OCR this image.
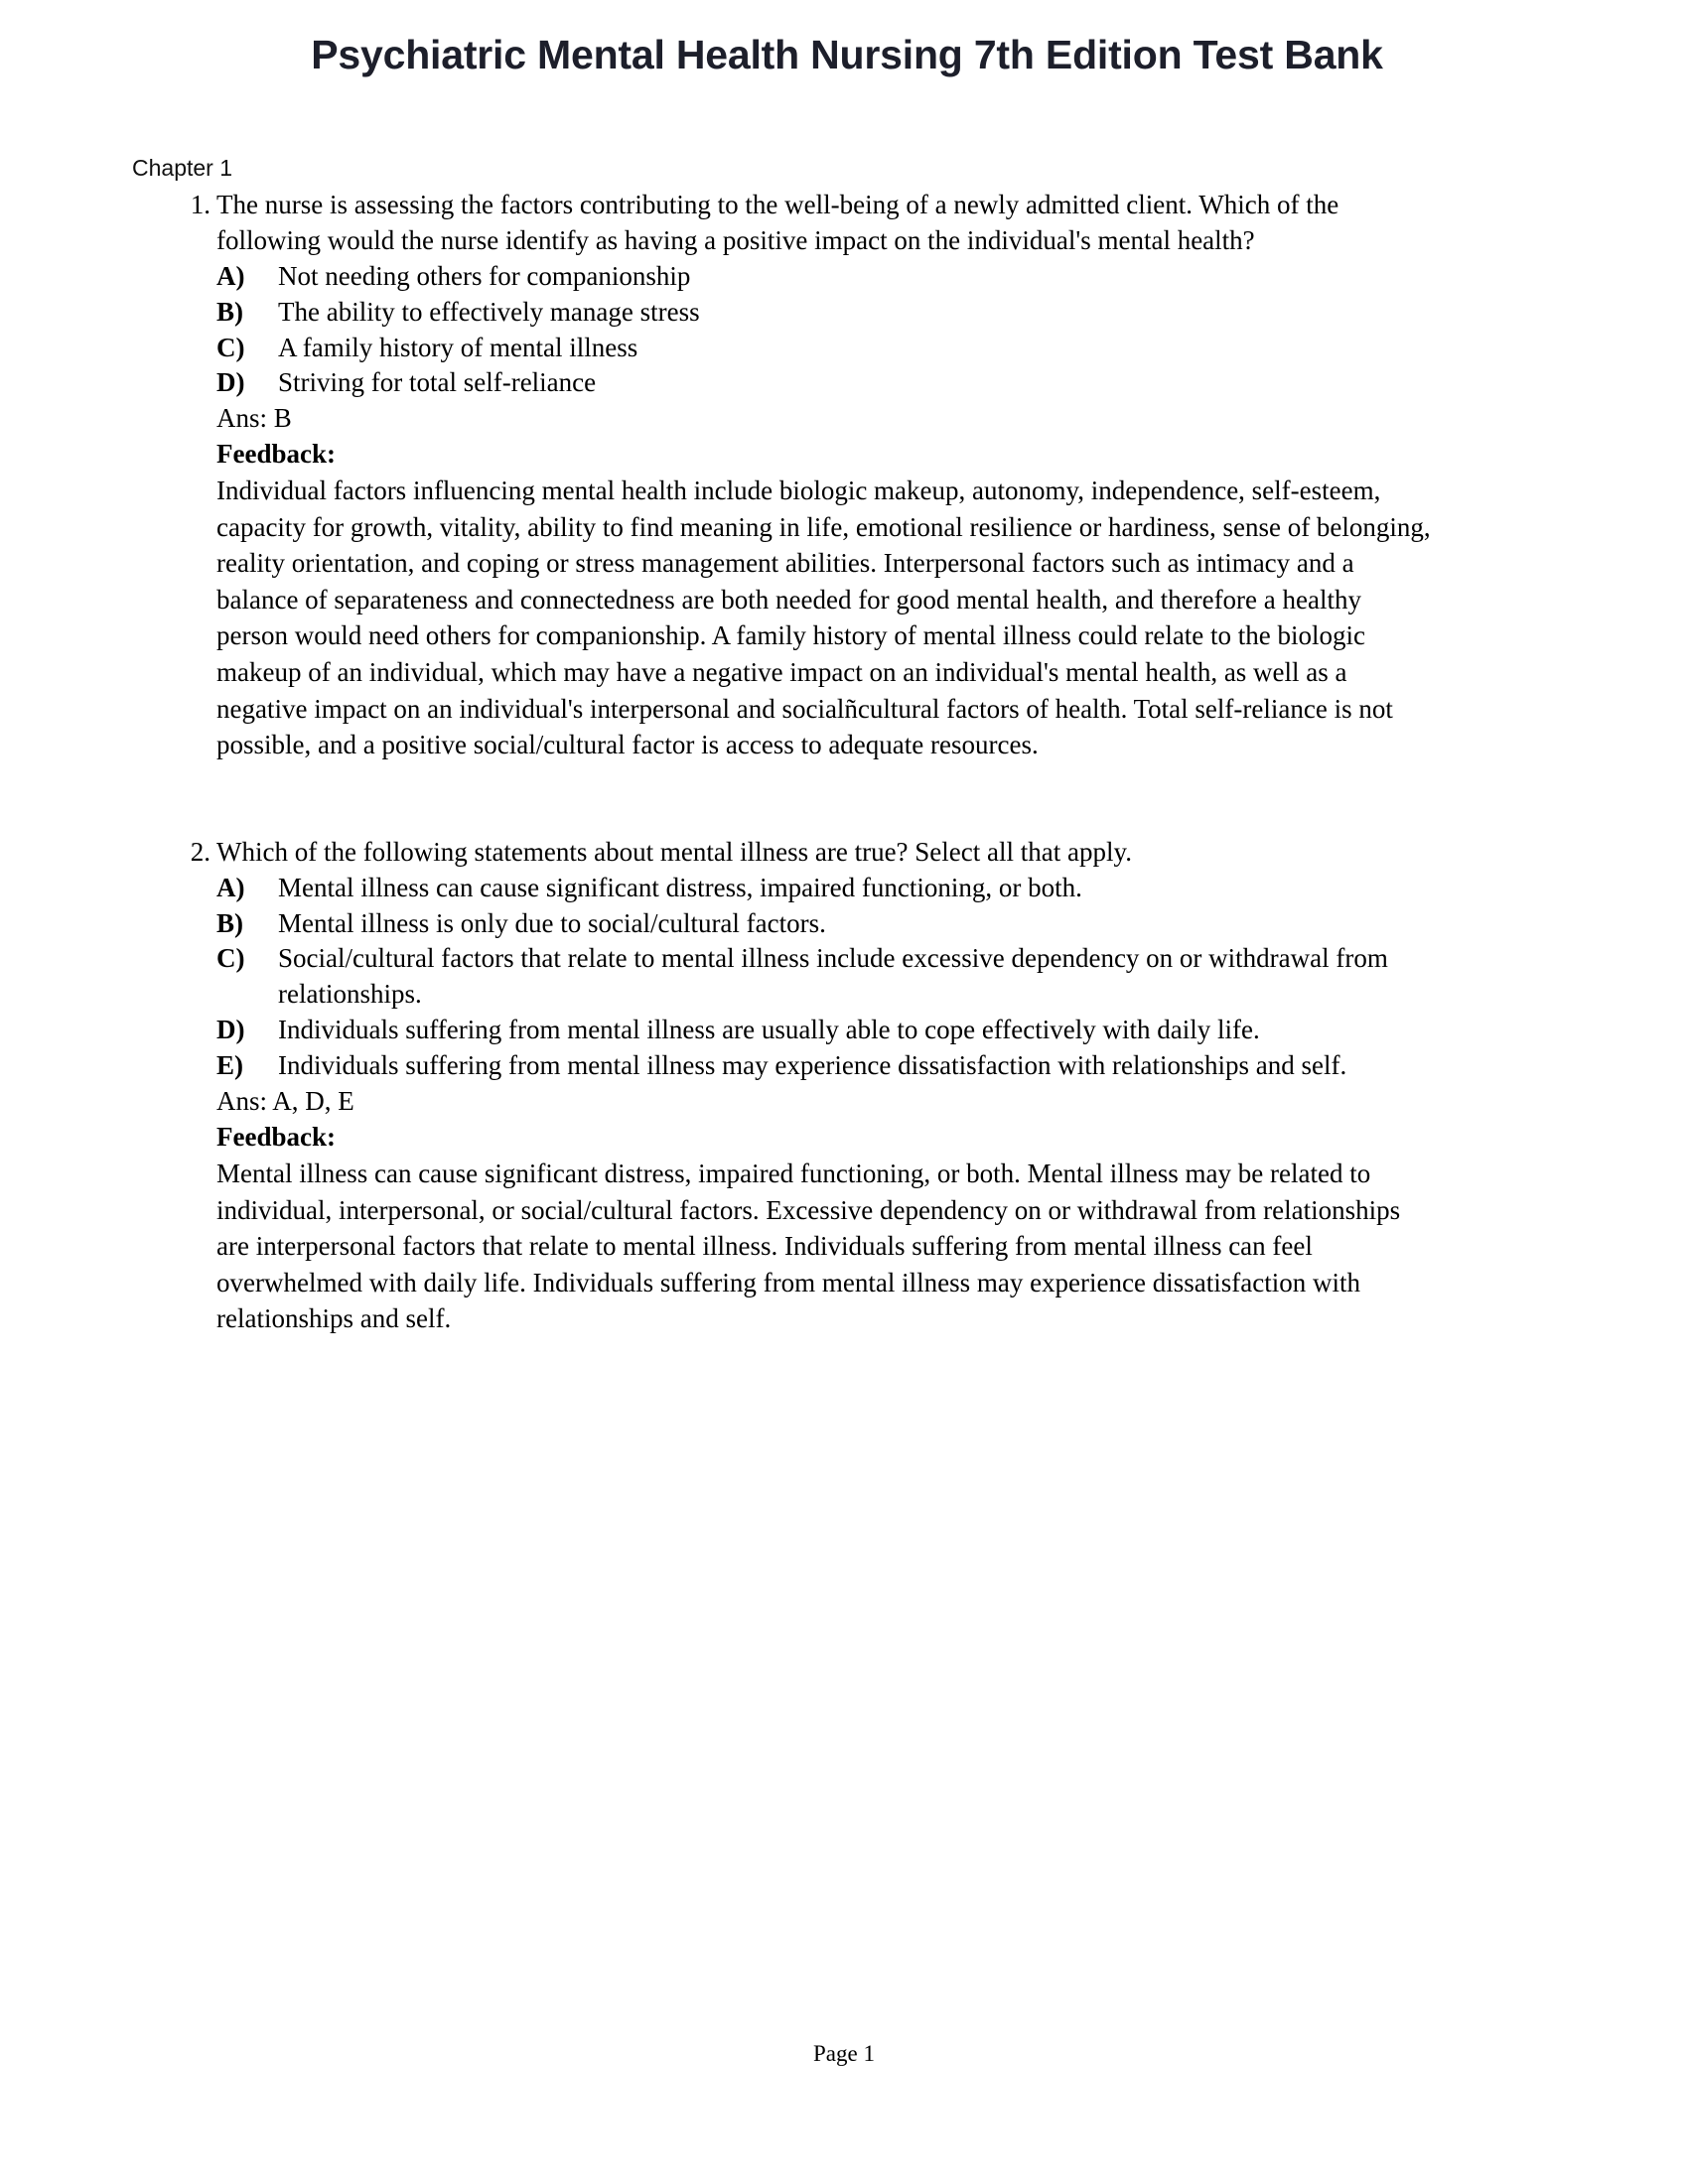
Psychiatric Mental Health Nursing 7th Edition Test Bank
Chapter 1
1. The nurse is assessing the factors contributing to the well-being of a newly admitted client. Which of the following would the nurse identify as having a positive impact on the individual's mental health?
A) Not needing others for companionship
B) The ability to effectively manage stress
C) A family history of mental illness
D) Striving for total self-reliance
Ans: B
Feedback:
Individual factors influencing mental health include biologic makeup, autonomy, independence, self-esteem, capacity for growth, vitality, ability to find meaning in life, emotional resilience or hardiness, sense of belonging, reality orientation, and coping or stress management abilities. Interpersonal factors such as intimacy and a balance of separateness and connectedness are both needed for good mental health, and therefore a healthy person would need others for companionship. A family history of mental illness could relate to the biologic makeup of an individual, which may have a negative impact on an individual's mental health, as well as a negative impact on an individual's interpersonal and socialñcultural factors of health. Total self-reliance is not possible, and a positive social/cultural factor is access to adequate resources.
2. Which of the following statements about mental illness are true? Select all that apply.
A) Mental illness can cause significant distress, impaired functioning, or both.
B) Mental illness is only due to social/cultural factors.
C) Social/cultural factors that relate to mental illness include excessive dependency on or withdrawal from relationships.
D) Individuals suffering from mental illness are usually able to cope effectively with daily life.
E) Individuals suffering from mental illness may experience dissatisfaction with relationships and self.
Ans: A, D, E
Feedback:
Mental illness can cause significant distress, impaired functioning, or both. Mental illness may be related to individual, interpersonal, or social/cultural factors. Excessive dependency on or withdrawal from relationships are interpersonal factors that relate to mental illness. Individuals suffering from mental illness can feel overwhelmed with daily life. Individuals suffering from mental illness may experience dissatisfaction with relationships and self.
Page 1
